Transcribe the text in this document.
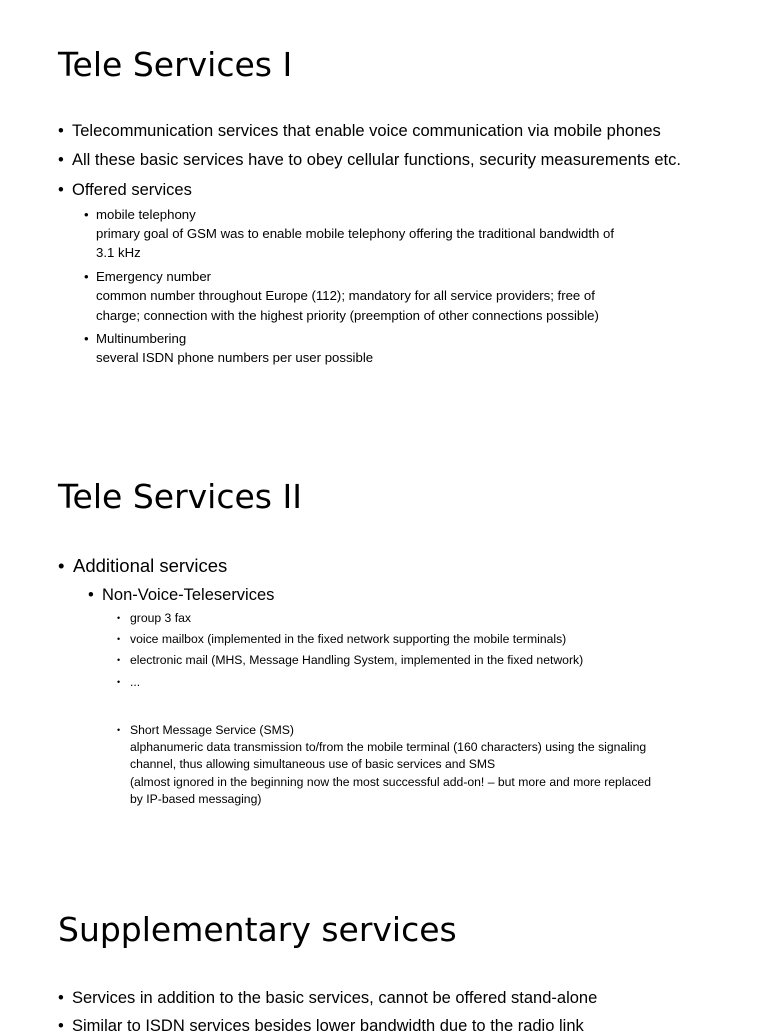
Tele Services I
• Telecommunication services that enable voice communication via mobile phones

• All these basic services have to obey cellular functions, security measurements etc.

• Offered services

• mobile telephony

primary goal of GSM was to enable mobile telephony offering the traditional bandwidth of

3.1 kHz

• Emergency number

common number throughout Europe (112); mandatory for all service providers; free of

charge; connection with the highest priority (preemption of other connections possible)

• Multinumbering

several ISDN phone numbers per user possible

Tele Services II
• Additional services

• Non-Voice-Teleservices

• group 3 fax

• voice mailbox (implemented in the fixed network supporting the mobile terminals)

• electronic mail (MHS, Message Handling System, implemented in the fixed network)

• ...

• Short Message Service (SMS)

alphanumeric data transmission to/from the mobile terminal (160 characters) using the signaling

channel, thus allowing simultaneous use of basic services and SMS

(almost ignored in the beginning now the most successful add-on! – but more and more replaced

by IP-based messaging)

Supplementary services
• Services in addition to the basic services, cannot be offered stand-alone

• Similar to ISDN services besides lower bandwidth due to the radio link
